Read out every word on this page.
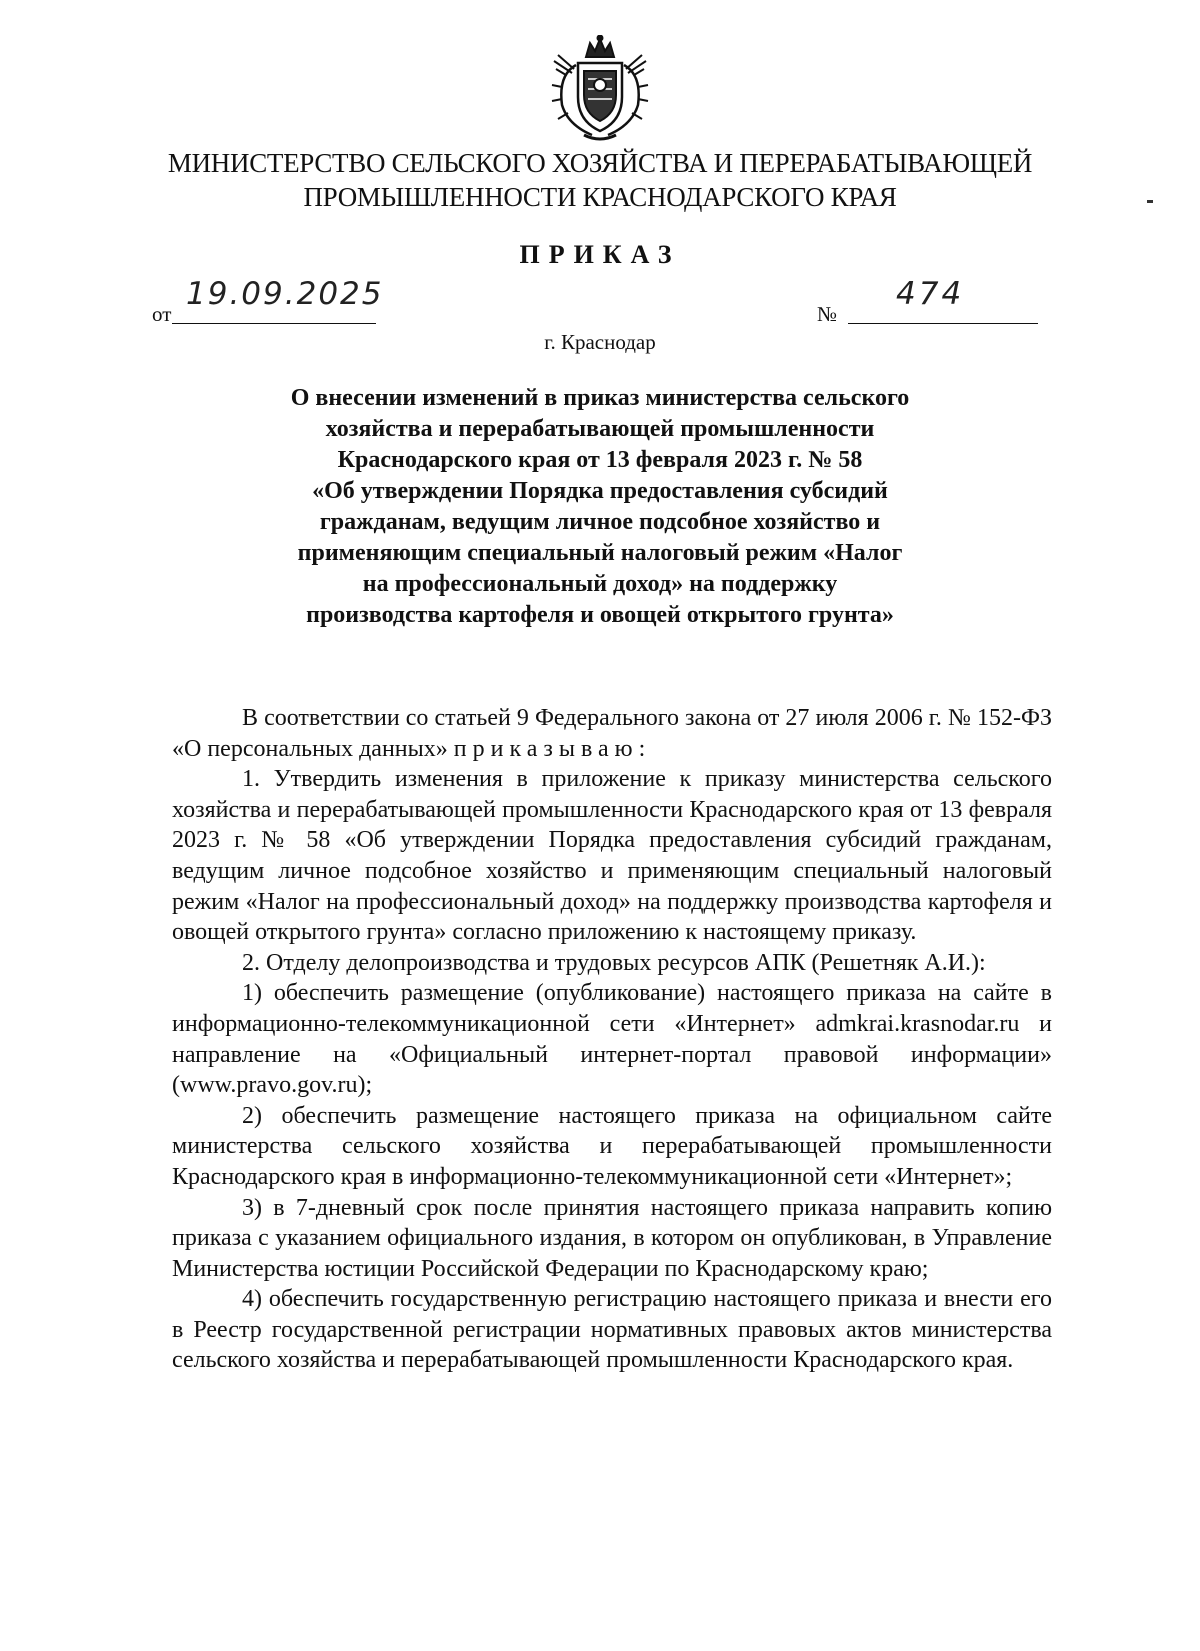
МИНИСТЕРСТВО СЕЛЬСКОГО ХОЗЯЙСТВА И ПЕРЕРАБАТЫВАЮЩЕЙ
ПРОМЫШЛЕННОСТИ КРАСНОДАРСКОГО КРАЯ
ПРИКАЗ
от
19.09.2025
№
474
г. Краснодар
О внесении изменений в приказ министерства сельского
хозяйства и перерабатывающей промышленности
Краснодарского края от 13 февраля 2023 г. № 58
«Об утверждении Порядка предоставления субсидий
гражданам, ведущим личное подсобное хозяйство и
применяющим специальный налоговый режим «Налог
на профессиональный доход» на поддержку
производства картофеля и овощей открытого грунта»

В соответствии со статьей 9 Федерального закона от 27 июля 2006 г. № 152-ФЗ «О персональных данных» приказываю:

1. Утвердить изменения в приложение к приказу министерства сельского хозяйства и перерабатывающей промышленности Краснодарского края от 13 февраля 2023 г. № 58 «Об утверждении Порядка предоставления субсидий гражданам, ведущим личное подсобное хозяйство и применяющим специальный налоговый режим «Налог на профессиональный доход» на поддержку производства картофеля и овощей открытого грунта» согласно приложению к настоящему приказу.

2. Отделу делопроизводства и трудовых ресурсов АПК (Решетняк А.И.):

1) обеспечить размещение (опубликование) настоящего приказа на сайте в информационно-телекоммуникационной сети «Интернет» admkrai.krasnodar.ru и направление на «Официальный интернет-портал правовой информации» (www.pravo.gov.ru);

2) обеспечить размещение настоящего приказа на официальном сайте министерства сельского хозяйства и перерабатывающей промышленности Краснодарского края в информационно-телекоммуникационной сети «Интернет»;

3) в 7-дневный срок после принятия настоящего приказа направить копию приказа с указанием официального издания, в котором он опубликован, в Управление Министерства юстиции Российской Федерации по Краснодарскому краю;

4) обеспечить государственную регистрацию настоящего приказа и внести его в Реестр государственной регистрации нормативных правовых актов министерства сельского хозяйства и перерабатывающей промышленности Краснодарского края.
